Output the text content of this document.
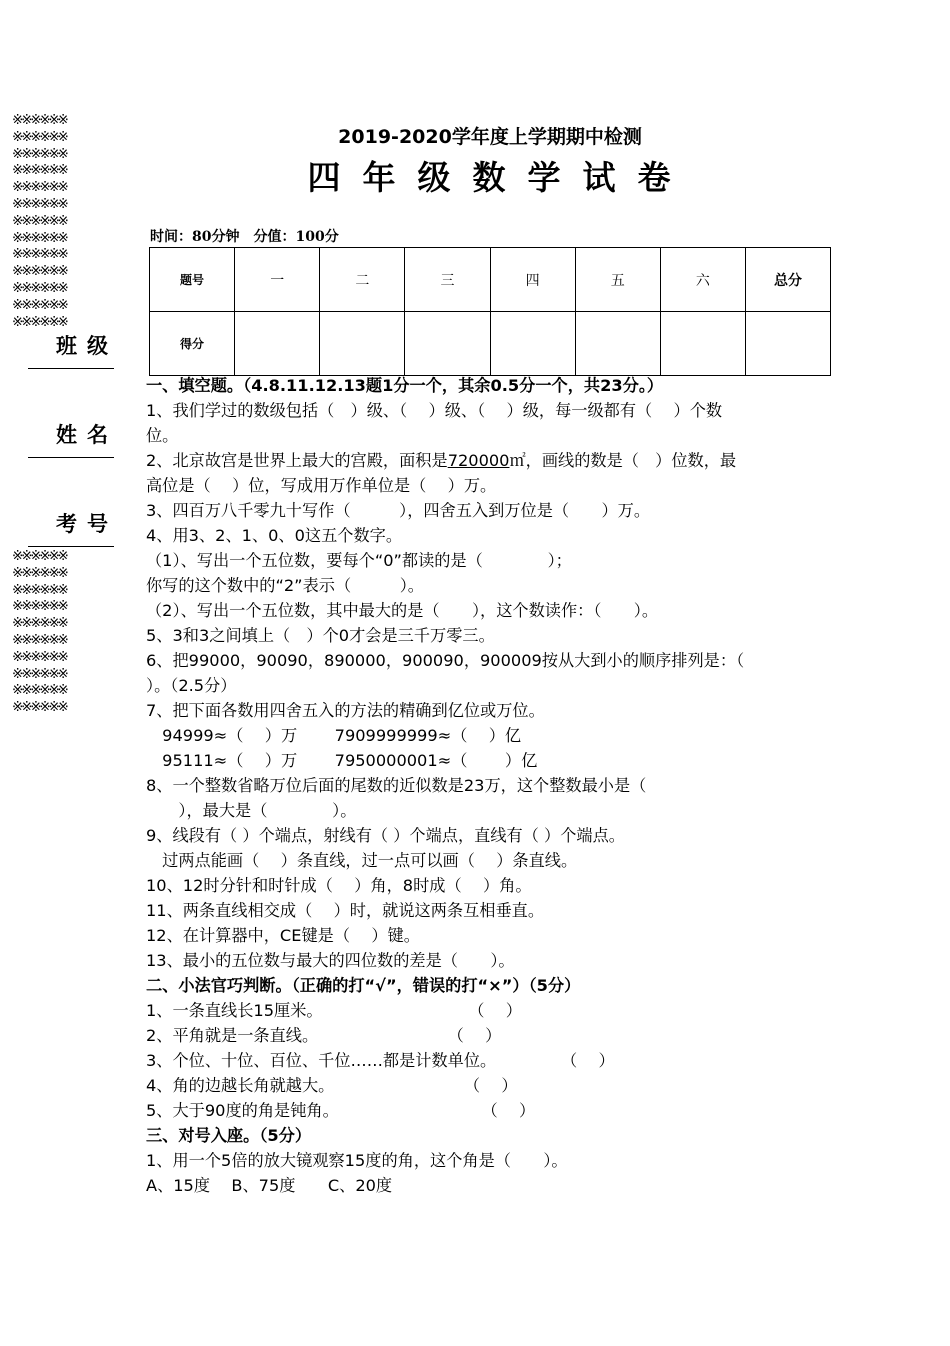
※※※※※※
※※※※※※
※※※※※※
※※※※※※
※※※※※※
※※※※※※
※※※※※※
※※※※※※
※※※※※※
※※※※※※
※※※※※※
※※※※※※
※※※※※※
※※※※※※
※※※※※※
※※※※※※
※※※※※※
※※※※※※
※※※※※※
※※※※※※
※※※※※※
※※※※※※
※※※※※※
班级
姓名
考号
2019-2020学年度上学期期中检测
四年级数学试卷
时间：80分钟　分值：100分
题号	一	二	三	四	五	六	总分
得分							
一、填空题。（4.8.11.12.13题1分一个，其余0.5分一个，共23分。）
1、我们学过的数级包括（　）级、（　 ）级、（　 ）级，每一级都有（　 ）个数
位。
2、北京故宫是世界上最大的宫殿，面积是720000㎡，画线的数是（　）位数，最
高位是（　 ）位，写成用万作单位是（　 ）万。
3、四百万八千零九十写作（　　　），四舍五入到万位是（　　）万。
4、用3、2、1、0、0这五个数字。
（1）、写出一个五位数，要每个“0”都读的是（　　　　）；
你写的这个数中的“2”表示（　　　）。
（2）、写出一个五位数，其中最大的是（　　），这个数读作：（　　）。
5、3和3之间填上（　）个0才会是三千万零三。
6、把99000，90090，890000，900090，900009按从大到小的顺序排列是：（
）。（2.5分）
7、把下面各数用四舍五入的方法的精确到亿位或万位。
　94999≈（　 ）万　　 7909999999≈（　 ）亿
　95111≈（　 ）万　　 7950000001≈（　　 ）亿
8、一个整数省略万位后面的尾数的近似数是23万，这个整数最小是（
　　），最大是（　　　　）。
9、线段有（ ）个端点，射线有（ ）个端点，直线有（ ）个端点。
　过两点能画（　 ）条直线，过一点可以画（　 ）条直线。
10、12时分针和时针成（　 ）角，8时成（　 ）角。
11、两条直线相交成（　 ）时，就说这两条互相垂直。
12、在计算器中，CE键是（　 ）键。
13、最小的五位数与最大的四位数的差是（　　）。
二、小法官巧判断。（正确的打“√”，错误的打“×”）（5分）
1、一条直线长15厘米。　　　　　　　　　　（　 ）
2、平角就是一条直线。　　　　　　　　　（　 ）
3、个位、十位、百位、千位……都是计数单位。　　　　　（　 ）
4、角的边越长角就越大。　　　　　　　　　（　 ）
5、大于90度的角是钝角。　　　　　　　　　 （　 ）
三、对号入座。（5分）
1、用一个5倍的放大镜观察15度的角，这个角是（　　）。
A、15度　 B、75度　　C、20度
